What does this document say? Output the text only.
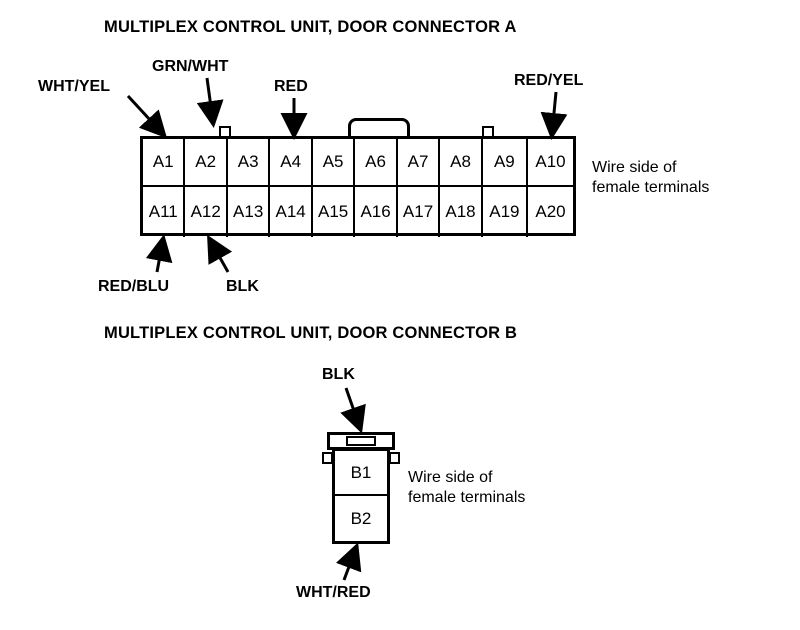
MULTIPLEX CONTROL UNIT, DOOR CONNECTOR A
WHT/YEL
GRN/WHT
RED	RED/YEL
RED/BLU	BLK
A1	A2	A3	A4	A5	A6	A7	A8	A9	A10
A11 A12 A13 A14 A15 A16 A17 A18 A19 A20
Wire side of
female terminals
MULTIPLEX CONTROL UNIT, DOOR CONNECTOR B
BLK
WHT/RED
B1
B2
Wire side of
female terminals
